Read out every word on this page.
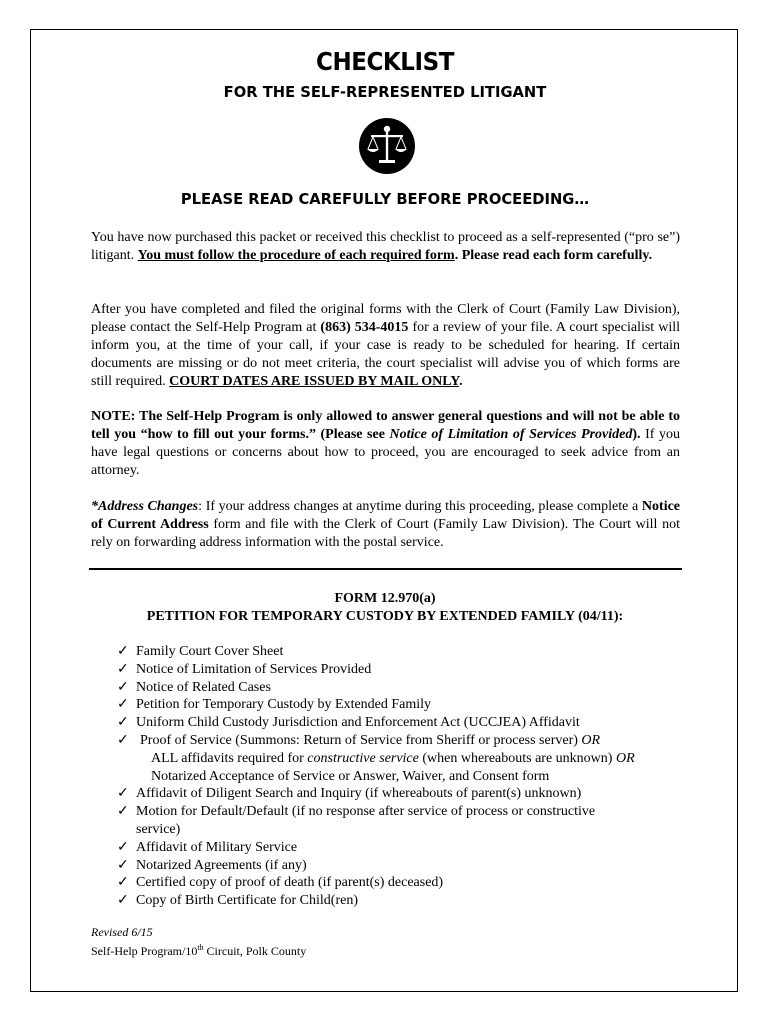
CHECKLIST
FOR THE SELF-REPRESENTED LITIGANT
PLEASE READ CAREFULLY BEFORE PROCEEDING…

You have now purchased this packet or received this checklist to proceed as a self-represented (“pro se”) litigant. You must follow the procedure of each required form. Please read each form carefully.

After you have completed and filed the original forms with the Clerk of Court (Family Law Division), please contact the Self-Help Program at (863) 534-4015 for a review of your file. A court specialist will inform you, at the time of your call, if your case is ready to be scheduled for hearing. If certain documents are missing or do not meet criteria, the court specialist will advise you of which forms are still required. COURT DATES ARE ISSUED BY MAIL ONLY.

NOTE: The Self-Help Program is only allowed to answer general questions and will not be able to tell you “how to fill out your forms.” (Please see Notice of Limitation of Services Provided). If you have legal questions or concerns about how to proceed, you are encouraged to seek advice from an attorney.

*Address Changes: If your address changes at anytime during this proceeding, please complete a Notice of Current Address form and file with the Clerk of Court (Family Law Division). The Court will not rely on forwarding address information with the postal service.

FORM 12.970(a)
PETITION FOR TEMPORARY CUSTODY BY EXTENDED FAMILY (04/11):
✓ Family Court Cover Sheet
✓ Notice of Limitation of Services Provided
✓ Notice of Related Cases
✓ Petition for Temporary Custody by Extended Family
✓ Uniform Child Custody Jurisdiction and Enforcement Act (UCCJEA) Affidavit
✓ Proof of Service (Summons: Return of Service from Sheriff or process server) OR
ALL affidavits required for constructive service (when whereabouts are unknown) OR
Notarized Acceptance of Service or Answer, Waiver, and Consent form
✓ Affidavit of Diligent Search and Inquiry (if whereabouts of parent(s) unknown)
✓ Motion for Default/Default (if no response after service of process or constructive
service)
✓ Affidavit of Military Service
✓ Notarized Agreements (if any)
✓ Certified copy of proof of death (if parent(s) deceased)
✓ Copy of Birth Certificate for Child(ren)
Revised 6/15
Self-Help Program/10th Circuit, Polk County
